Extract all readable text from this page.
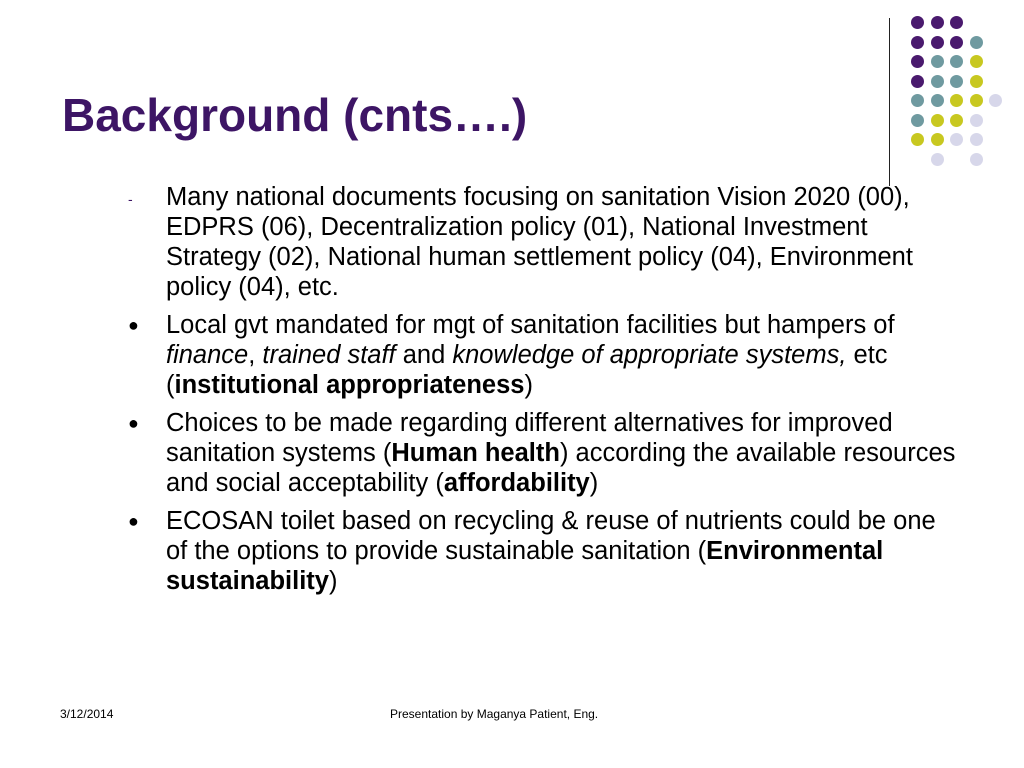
Background (cnts….)
- Many national documents focusing on sanitation Vision 2020 (00), EDPRS (06), Decentralization policy (01), National Investment Strategy (02), National human settlement policy (04), Environment policy (04), etc.
● Local gvt mandated for mgt of sanitation facilities but hampers of finance, trained staff and knowledge of appropriate systems, etc (institutional appropriateness)
● Choices to be made regarding different alternatives for improved sanitation systems (Human health) according the available resources and social acceptability (affordability)
● ECOSAN toilet based on recycling & reuse of nutrients could be one of the options to provide sustainable sanitation (Environmental sustainability)
3/12/2014	Presentation by Maganya Patient, Eng.
